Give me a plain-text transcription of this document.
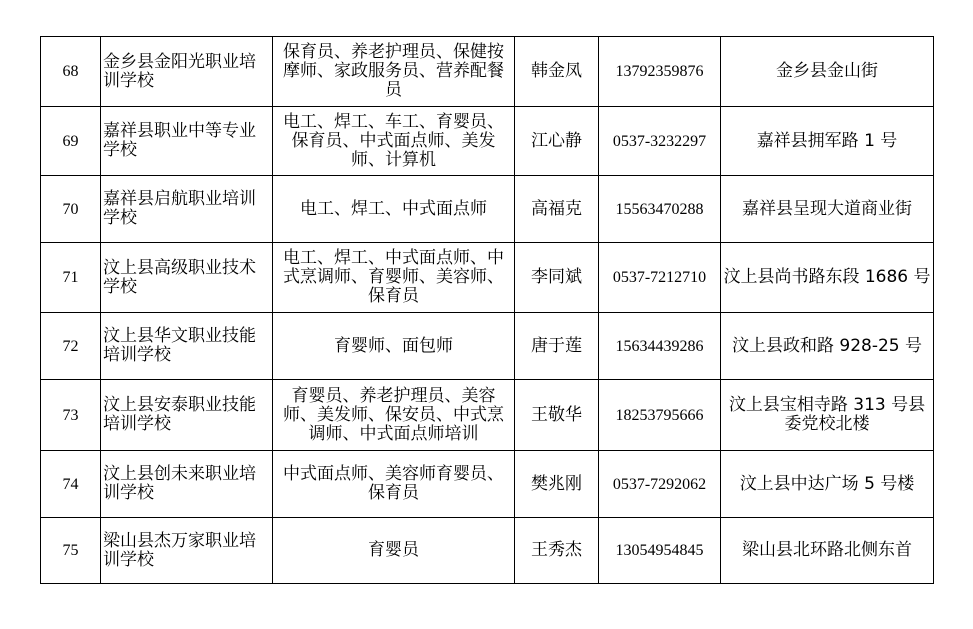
68	金乡县金阳光职业培训学校	保育员、养老护理员、保健按摩师、家政服务员、营养配餐员	韩金凤	13792359876	金乡县金山街
69	嘉祥县职业中等专业学校	电工、焊工、车工、育婴员、保育员、中式面点师、美发师、计算机	江心静	0537-3232297	嘉祥县拥军路 1 号
70	嘉祥县启航职业培训学校	电工、焊工、中式面点师	高福克	15563470288	嘉祥县呈现大道商业街
71	汶上县高级职业技术学校	电工、焊工、中式面点师、中式烹调师、育婴师、美容师、保育员	李同斌	0537-7212710	汶上县尚书路东段 1686 号
72	汶上县华文职业技能培训学校	育婴师、面包师	唐于莲	15634439286	汶上县政和路 928-25 号
73	汶上县安泰职业技能培训学校	育婴员、养老护理员、美容师、美发师、保安员、中式烹调师、中式面点师培训	王敬华	18253795666	汶上县宝相寺路 313 号县委党校北楼
74	汶上县创未来职业培训学校	中式面点师、美容师育婴员、保育员	樊兆刚	0537-7292062	汶上县中达广场 5 号楼
75	梁山县杰万家职业培训学校	育婴员	王秀杰	13054954845	梁山县北环路北侧东首
